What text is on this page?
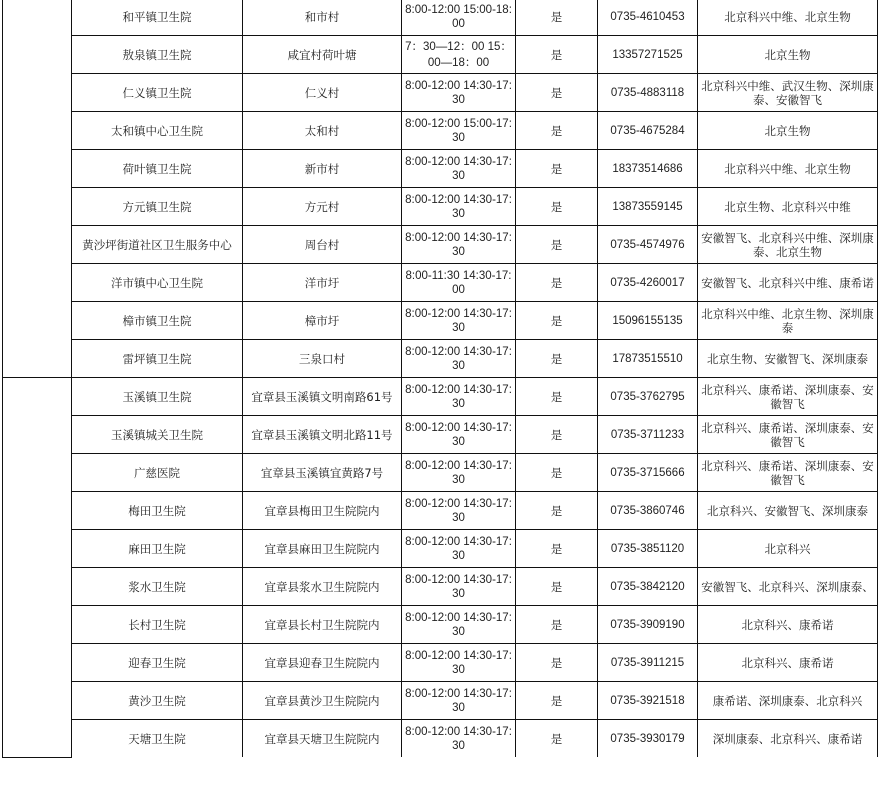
	和平镇卫生院	和市村	8:00-12:00 15:00-18:00	是	0735-4610453	北京科兴中维、北京生物
	敖泉镇卫生院	咸宜村荷叶塘	7：30—12：00 15：00—18：00	是	13357271525	北京生物
	仁义镇卫生院	仁义村	8:00-12:00 14:30-17:30	是	0735-4883118	北京科兴中维、武汉生物、深圳康泰、安徽智飞
	太和镇中心卫生院	太和村	8:00-12:00 15:00-17:30	是	0735-4675284	北京生物
	荷叶镇卫生院	新市村	8:00-12:00 14:30-17:30	是	18373514686	北京科兴中维、北京生物
	方元镇卫生院	方元村	8:00-12:00 14:30-17:30	是	13873559145	北京生物、北京科兴中维
	黄沙坪街道社区卫生服务中心	周台村	8:00-12:00 14:30-17:30	是	0735-4574976	安徽智飞、北京科兴中维、深圳康泰、北京生物
	洋市镇中心卫生院	洋市圩	8:00-11:30 14:30-17:00	是	0735-4260017	安徽智飞、北京科兴中维、康希诺
	樟市镇卫生院	樟市圩	8:00-12:00 14:30-17:30	是	15096155135	北京科兴中维、北京生物、深圳康泰
	雷坪镇卫生院	三泉口村	8:00-12:00 14:30-17:30	是	17873515510	北京生物、安徽智飞、深圳康泰
	玉溪镇卫生院	宜章县玉溪镇文明南路61号	8:00-12:00 14:30-17:30	是	0735-3762795	北京科兴、康希诺、深圳康泰、安徽智飞
	玉溪镇城关卫生院	宜章县玉溪镇文明北路11号	8:00-12:00 14:30-17:30	是	0735-3711233	北京科兴、康希诺、深圳康泰、安徽智飞
	广慈医院	宜章县玉溪镇宜黄路7号	8:00-12:00 14:30-17:30	是	0735-3715666	北京科兴、康希诺、深圳康泰、安徽智飞
	梅田卫生院	宜章县梅田卫生院院内	8:00-12:00 14:30-17:30	是	0735-3860746	北京科兴、安徽智飞、深圳康泰
	麻田卫生院	宜章县麻田卫生院院内	8:00-12:00 14:30-17:30	是	0735-3851120	北京科兴
	浆水卫生院	宜章县浆水卫生院院内	8:00-12:00 14:30-17:30	是	0735-3842120	安徽智飞、北京科兴、深圳康泰、
	长村卫生院	宜章县长村卫生院院内	8:00-12:00 14:30-17:30	是	0735-3909190	北京科兴、康希诺
	迎春卫生院	宜章县迎春卫生院院内	8:00-12:00 14:30-17:30	是	0735-3911215	北京科兴、康希诺
	黄沙卫生院	宜章县黄沙卫生院院内	8:00-12:00 14:30-17:30	是	0735-3921518	康希诺、深圳康泰、北京科兴
	天塘卫生院	宜章县天塘卫生院院内	8:00-12:00 14:30-17:30	是	0735-3930179	深圳康泰、北京科兴、康希诺
